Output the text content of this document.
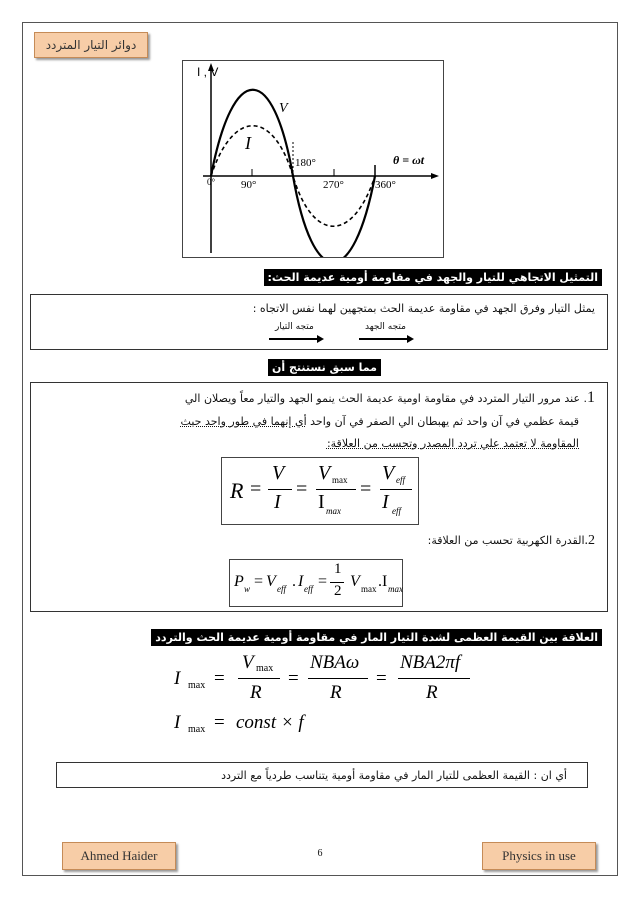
دوائر التيار المتردد
I , V
V
I
θ = ωt
0° 90°
180°
270°	360°
التمثيل الاتجاهي للتيار والجهد في مقاومة أومية عديمة الحث:
يمثل التيار وفرق الجهد في مقاومة عديمة الحث بمتجهين لهما نفس الاتجاه :
متجه الجهد
متجه التيار
مما سبق نستنتج أن
1. عند مرور التيار المتردد في مقاومة اومية عديمة الحث ينمو الجهد والتيار معاً ويصلان الي
قيمة عظمي في آن واحد ثم يهبطان الي الصفر في آن واحد أي إنهما في طور واحد حيث
المقاومة لا تعتمد علي تردد المصدر وتحسب من العلاقة:
R =
V
I
=
V max
I max
=
V eff
I eff
2.القدرة الكهربية تحسب من العلاقة:
P w = V eff . I eff =
1
2
V max . I max
العلاقة بين القيمة العظمى لشدة التيار المار في مقاومة أومية عديمة الحث والتردد
I max =
V max
R
=
NBAω
R
=
NBA2πf
R
I max = const × f
أي ان : القيمة العظمى للتيار المار في مقاومة أومية يتناسب طردياً مع التردد
Ahmed Haider	6	Physics in use
